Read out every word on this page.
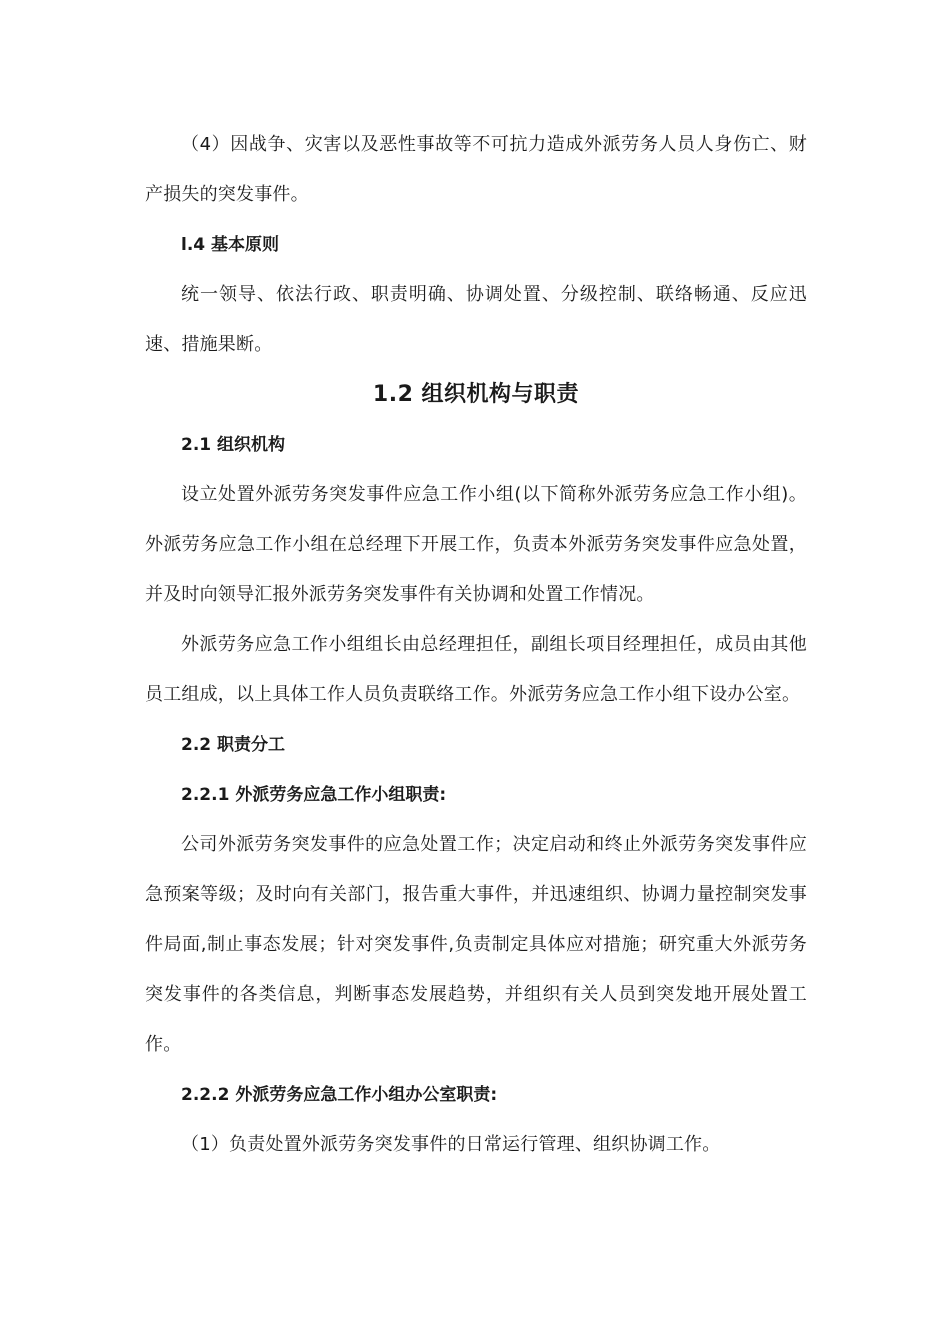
（4）因战争、灾害以及恶性事故等不可抗力造成外派劳务人员人身伤亡、财产损失的突发事件。

l.4 基本原则

统一领导、依法行政、职责明确、协调处置、分级控制、联络畅通、反应迅速、措施果断。

1.2 组织机构与职责

2.1 组织机构

设立处置外派劳务突发事件应急工作小组(以下简称外派劳务应急工作小组)。外派劳务应急工作小组在总经理下开展工作，负责本外派劳务突发事件应急处置，并及时向领导汇报外派劳务突发事件有关协调和处置工作情况。

外派劳务应急工作小组组长由总经理担任，副组长项目经理担任，成员由其他员工组成，以上具体工作人员负责联络工作。外派劳务应急工作小组下设办公室。

2.2 职责分工

2.2.1 外派劳务应急工作小组职责:

公司外派劳务突发事件的应急处置工作；决定启动和终止外派劳务突发事件应急预案等级；及时向有关部门，报告重大事件，并迅速组织、协调力量控制突发事件局面,制止事态发展；针对突发事件,负责制定具体应对措施；研究重大外派劳务突发事件的各类信息，判断事态发展趋势，并组织有关人员到突发地开展处置工作。

2.2.2 外派劳务应急工作小组办公室职责:

（1）负责处置外派劳务突发事件的日常运行管理、组织协调工作。
